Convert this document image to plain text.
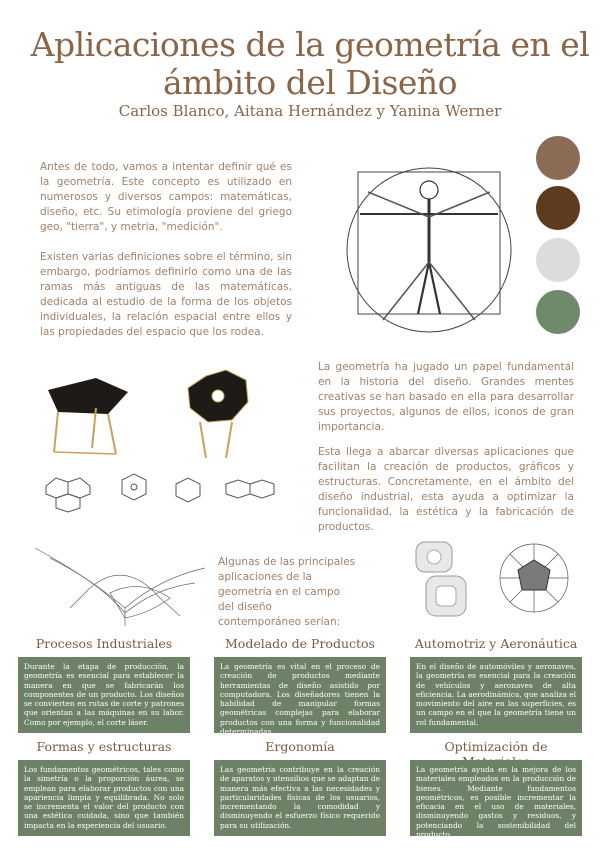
Aplicaciones de la geometría en el
ámbito del Diseño
Carlos Blanco, Aitana Hernández y Yanina Werner

Antes de todo, vamos a intentar definir qué es la geometría. Este concepto es utilizado en numerosos y diversos campos: matemáticas, diseño, etc. Su etimología proviene del griego geo, "tierra", y metria, "medición".

Existen varias definiciones sobre el término, sin embargo, podríamos definirlo como una de las ramas más antiguas de las matemáticas, dedicada al estudio de la forma de los objetos individuales, la relación espacial entre ellos y las propiedades del espacio que los rodea.

La geometría ha jugado un papel fundamental en la historia del diseño. Grandes mentes creativas se han basado en ella para desarrollar sus proyectos, algunos de ellos, iconos de gran importancia.

Esta llega a abarcar diversas aplicaciones que facilitan la creación de productos, gráficos y estructuras. Concretamente, en el ámbito del diseño industrial, esta ayuda a optimizar la funcionalidad, la estética y la fabricación de productos.

Algunas de las principales aplicaciones de la geometría en el campo del diseño contemporáneo serían:

Procesos Industriales

Durante la etapa de producción, la geometría es esencial para establecer la manera en que se fabricarán los componentes de un producto. Los diseños se convierten en rutas de corte y patrones que orientan a las máquinas en su labor. Como por ejemplo, el corte láser.

Modelado de Productos

La geometría es vital en el proceso de creación de productos mediante herramientas de diseño asistido por computadora. Los diseñadores tienen la habilidad de manipular formas geométricas complejas para elaborar productos con una forma y funcionalidad determinadas.

Automotriz y Aeronáutica

En el diseño de automóviles y aeronaves, la geometría es esencial para la creación de vehículos y aeronaves de alta eficiencia. La aerodinámica, que analiza el movimiento del aire en las superficies, es un campo en el que la geometría tiene un rol fundamental.

Formas y estructuras

Los fundamentos geométricos, tales como la simetría o la proporción áurea, se emplean para elaborar productos con una apariencia limpia y equilibrada. No solo se incrementa el valor del producto con una estética cuidada, sino que también impacta en la experiencia del usuario.

Ergonomía

Las geometría contribuye en la creación de aparatos y utensilios que se adaptan de manera más efectiva a las necesidades y particularidades físicas de los usuarios, incrementando la comodidad y disminuyendo el esfuerzo físico requerido para su utilización.

Optimización de

La geometría ayuda en la mejora de los materiales empleados en la producción de bienes. Mediante fundamentos geométricos, es posible incrementar la eficacia en el uso de materiales, disminuyendo gastos y residuos, y potenciando la sostenibilidad del producto.
